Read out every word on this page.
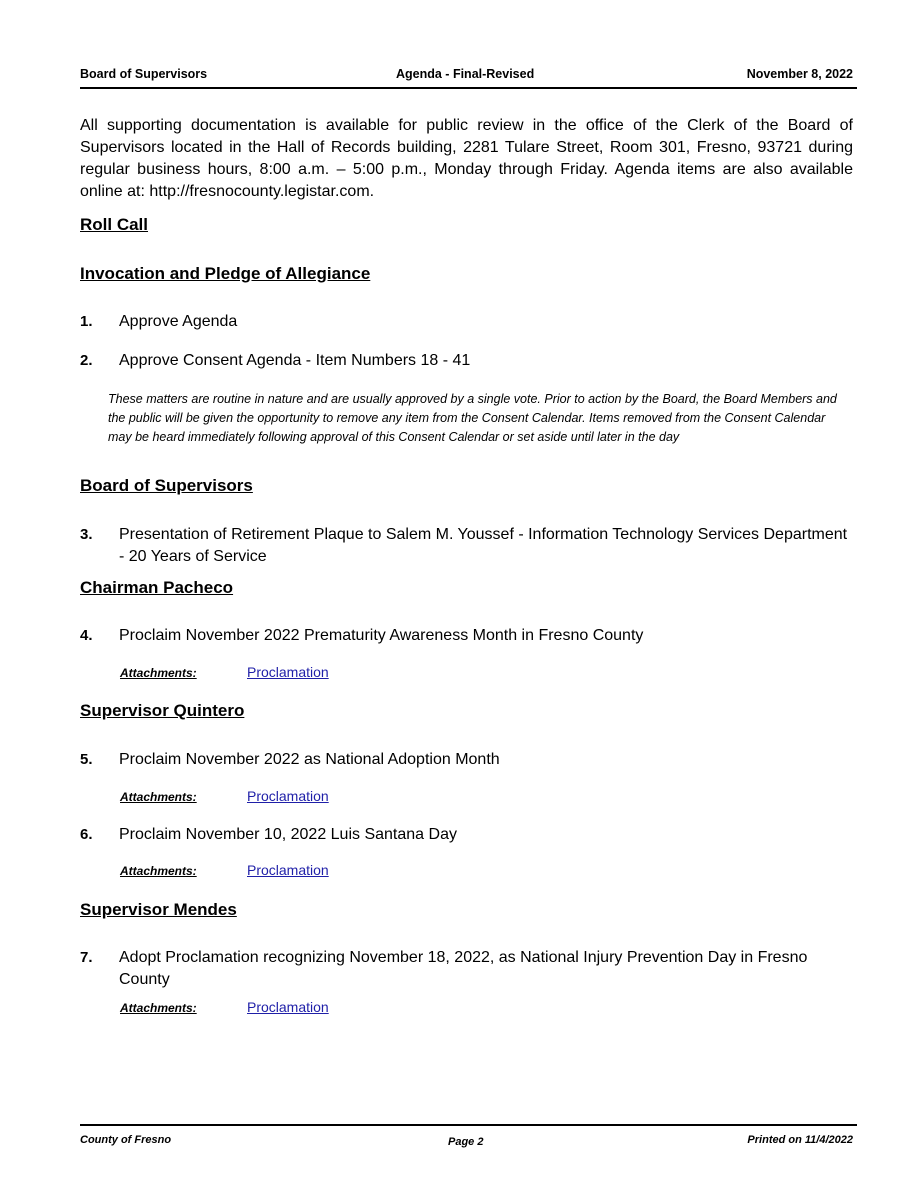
Board of Supervisors	Agenda - Final-Revised	November 8, 2022
All supporting documentation is available for public review in the office of the Clerk of the Board of Supervisors located in the Hall of Records building, 2281 Tulare Street, Room 301, Fresno, 93721 during regular business hours, 8:00 a.m. – 5:00 p.m., Monday through Friday. Agenda items are also available online at: http://fresnocounty.legistar.com.
Roll Call
Invocation and Pledge of Allegiance
1. Approve Agenda
2. Approve Consent Agenda - Item Numbers 18 - 41
These matters are routine in nature and are usually approved by a single vote. Prior to action by the Board, the Board Members and the public will be given the opportunity to remove any item from the Consent Calendar. Items removed from the Consent Calendar may be heard immediately following approval of this Consent Calendar or set aside until later in the day
Board of Supervisors
3. Presentation of Retirement Plaque to Salem M. Youssef - Information Technology Services Department - 20 Years of Service
Chairman Pacheco
4. Proclaim November 2022 Prematurity Awareness Month in Fresno County
Attachments:	Proclamation
Supervisor Quintero
5. Proclaim November 2022 as National Adoption Month
Attachments:	Proclamation
6. Proclaim November 10, 2022 Luis Santana Day
Attachments:	Proclamation
Supervisor Mendes
7. Adopt Proclamation recognizing November 18, 2022, as National Injury Prevention Day in Fresno County
Attachments:	Proclamation
County of Fresno	Page 2	Printed on 11/4/2022
